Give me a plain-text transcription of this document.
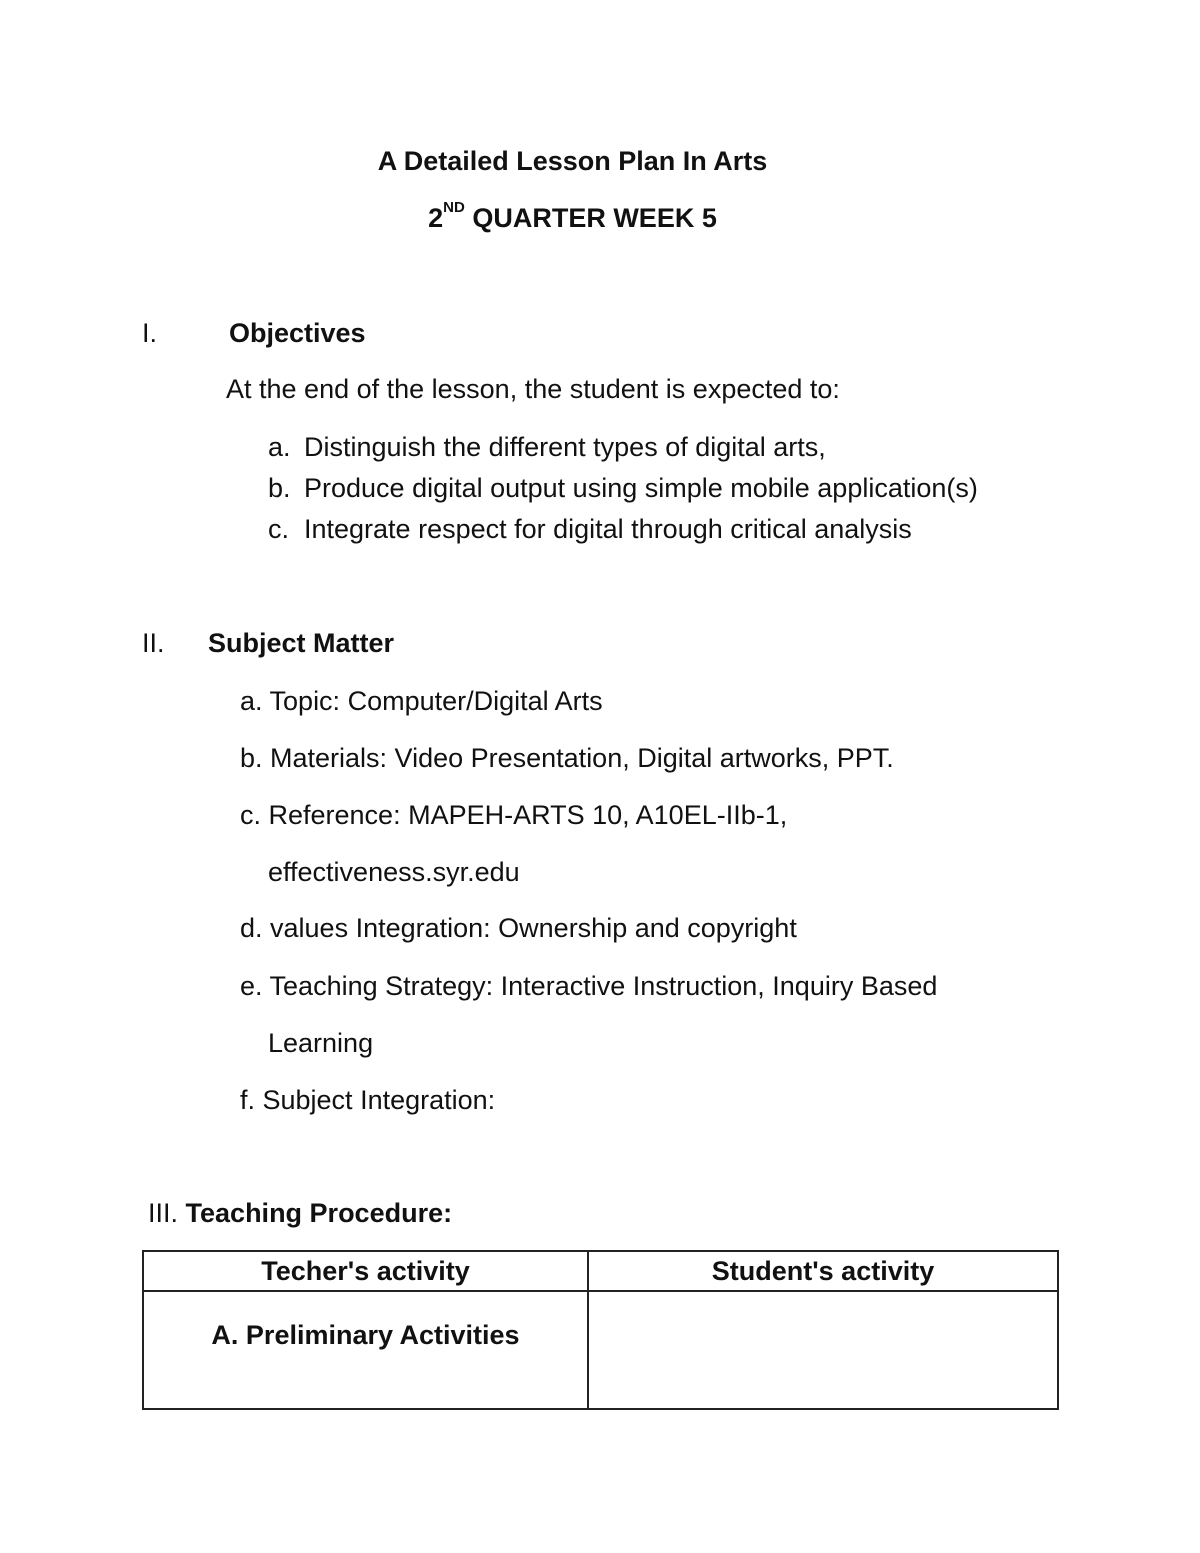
A Detailed Lesson Plan In Arts
2ND QUARTER WEEK 5
I.	Objectives
At the end of the lesson, the student is expected to:
a. Distinguish the different types of digital arts,
b. Produce digital output using simple mobile application(s)
c. Integrate respect for digital through critical analysis
II. Subject Matter
a. Topic: Computer/Digital Arts
b. Materials: Video Presentation, Digital artworks, PPT.
c. Reference: MAPEH-ARTS 10, A10EL-IIb-1,
effectiveness.syr.edu
d. values Integration: Ownership and copyright
e. Teaching Strategy: Interactive Instruction, Inquiry Based
Learning
f. Subject Integration:
III. Teaching Procedure:
Techer's activity	Student's activity
A. Preliminary Activities	
